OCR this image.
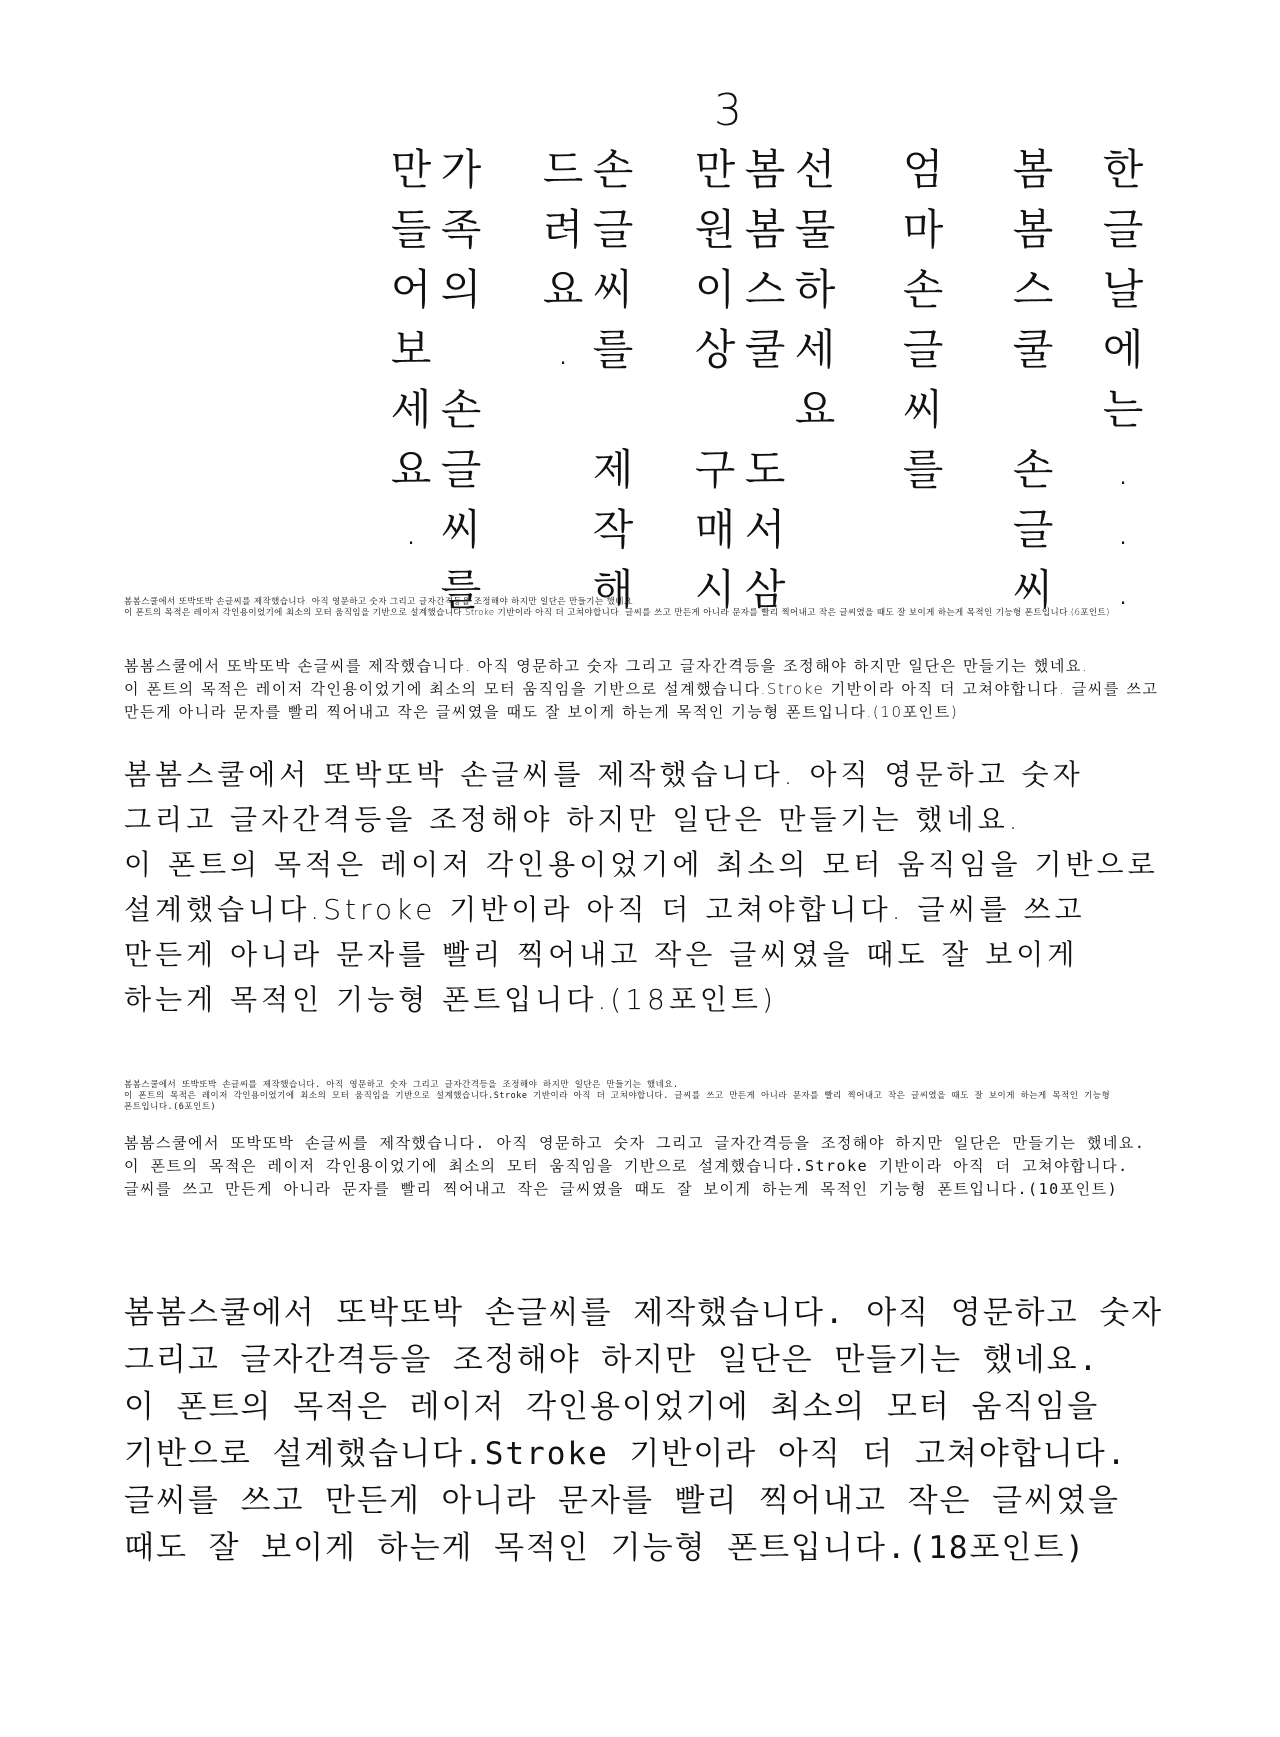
3
한
글
날
에
는
.
.
.
봄
봄
스
쿨

손
글
씨
엄
마
손
글
씨
를
선
물
하
세
요
봄
봄
스
쿨

도
서
삼
만
원
이
상

구
매
시
손
글
씨
를

제
작
해
드
려
요
.
가
족
의

손
글
씨
를
만
들
어
보
세
요
.

봄봄스쿨에서 또박또박 손글씨를 제작했습니다. 아직 영문하고 숫자 그리고 글자간격등을 조정해야 하지만 일단은 만들기는 했네요.

이 폰트의 목적은 레이저 각인용이었기에 최소의 모터 움직임을 기반으로 설계했습니다.Stroke 기반이라 아직 더 고쳐야합니다. 글씨를 쓰고 만든게 아니라 문자를 빨리 찍어내고 작은 글씨였을 때도 잘 보이게 하는게 목적인 기능형 폰트입니다.(6포인트)

봄봄스쿨에서 또박또박 손글씨를 제작했습니다. 아직 영문하고 숫자 그리고 글자간격등을 조정해야 하지만 일단은 만들기는 했네요.

이 폰트의 목적은 레이저 각인용이었기에 최소의 모터 움직임을 기반으로 설계했습니다.Stroke 기반이라 아직 더 고쳐야합니다. 글씨를 쓰고 만든게 아니라 문자를 빨리 찍어내고 작은 글씨였을 때도 잘 보이게 하는게 목적인 기능형 폰트입니다.(10포인트)

봄봄스쿨에서 또박또박 손글씨를 제작했습니다. 아직 영문하고 숫자 그리고 글자간격등을 조정해야 하지만 일단은 만들기는 했네요.

이 폰트의 목적은 레이저 각인용이었기에 최소의 모터 움직임을 기반으로 설계했습니다.Stroke 기반이라 아직 더 고쳐야합니다. 글씨를 쓰고 만든게 아니라 문자를 빨리 찍어내고 작은 글씨였을 때도 잘 보이게 하는게 목적인 기능형 폰트입니다.(18포인트)

봄봄스쿨에서 또박또박 손글씨를 제작했습니다. 아직 영문하고 숫자 그리고 글자간격등을 조정해야 하지만 일단은 만들기는 했네요.

이 폰트의 목적은 레이저 각인용이었기에 최소의 모터 움직임을 기반으로 설계했습니다.Stroke 기반이라 아직 더 고쳐야합니다. 글씨를 쓰고 만든게 아니라 문자를 빨리 찍어내고 작은 글씨였을 때도 잘 보이게 하는게 목적인 기능형 폰트입니다.(6포인트)

봄봄스쿨에서 또박또박 손글씨를 제작했습니다. 아직 영문하고 숫자 그리고 글자간격등을 조정해야 하지만 일단은 만들기는 했네요.

이 폰트의 목적은 레이저 각인용이었기에 최소의 모터 움직임을 기반으로 설계했습니다.Stroke 기반이라 아직 더 고쳐야합니다. 글씨를 쓰고 만든게 아니라 문자를 빨리 찍어내고 작은 글씨였을 때도 잘 보이게 하는게 목적인 기능형 폰트입니다.(10포인트)

봄봄스쿨에서 또박또박 손글씨를 제작했습니다. 아직 영문하고 숫자 그리고 글자간격등을 조정해야 하지만 일단은 만들기는 했네요.

이 폰트의 목적은 레이저 각인용이었기에 최소의 모터 움직임을 기반으로 설계했습니다.Stroke 기반이라 아직 더 고쳐야합니다. 글씨를 쓰고 만든게 아니라 문자를 빨리 찍어내고 작은 글씨였을 때도 잘 보이게 하는게 목적인 기능형 폰트입니다.(18포인트)
